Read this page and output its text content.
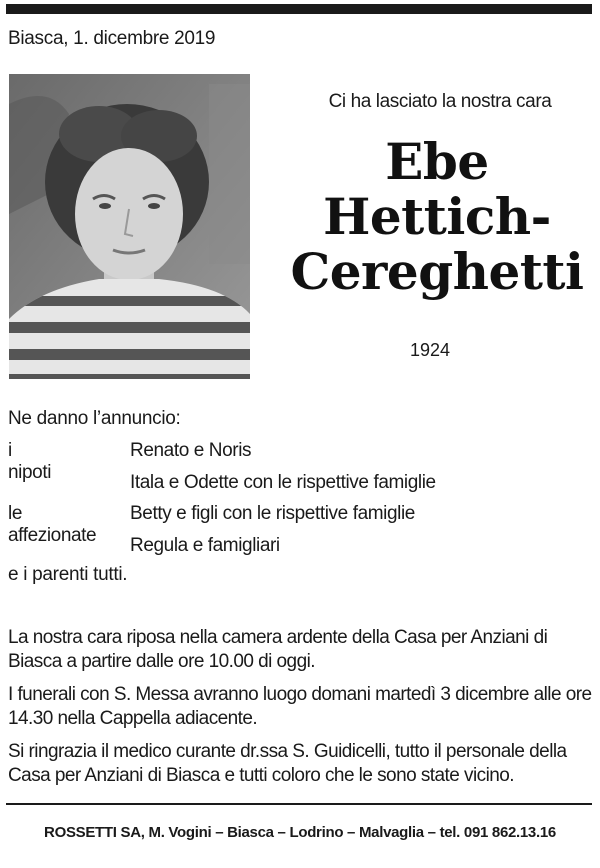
Biasca, 1. dicembre 2019
Ci ha lasciato la nostra cara
Ebe
Hettich-
Cereghetti
1924
Ne danno l’annuncio:
i nipoti
Renato e Noris
Itala e Odette con le rispettive famiglie
le affezionate
Betty e figli con le rispettive famiglie
Regula e famigliari
e i parenti tutti.

La nostra cara riposa nella camera ardente della Casa per Anziani di Biasca a partire dalle ore 10.00 di oggi.

I funerali con S. Messa avranno luogo domani martedì 3 dicembre alle ore 14.30 nella Cappella adiacente.

Si ringrazia il medico curante dr.ssa S. Guidicelli, tutto il personale della Casa per Anziani di Biasca e tutti coloro che le sono state vicino.

ROSSETTI SA, M. Vogini – Biasca – Lodrino – Malvaglia – tel. 091 862.13.16
